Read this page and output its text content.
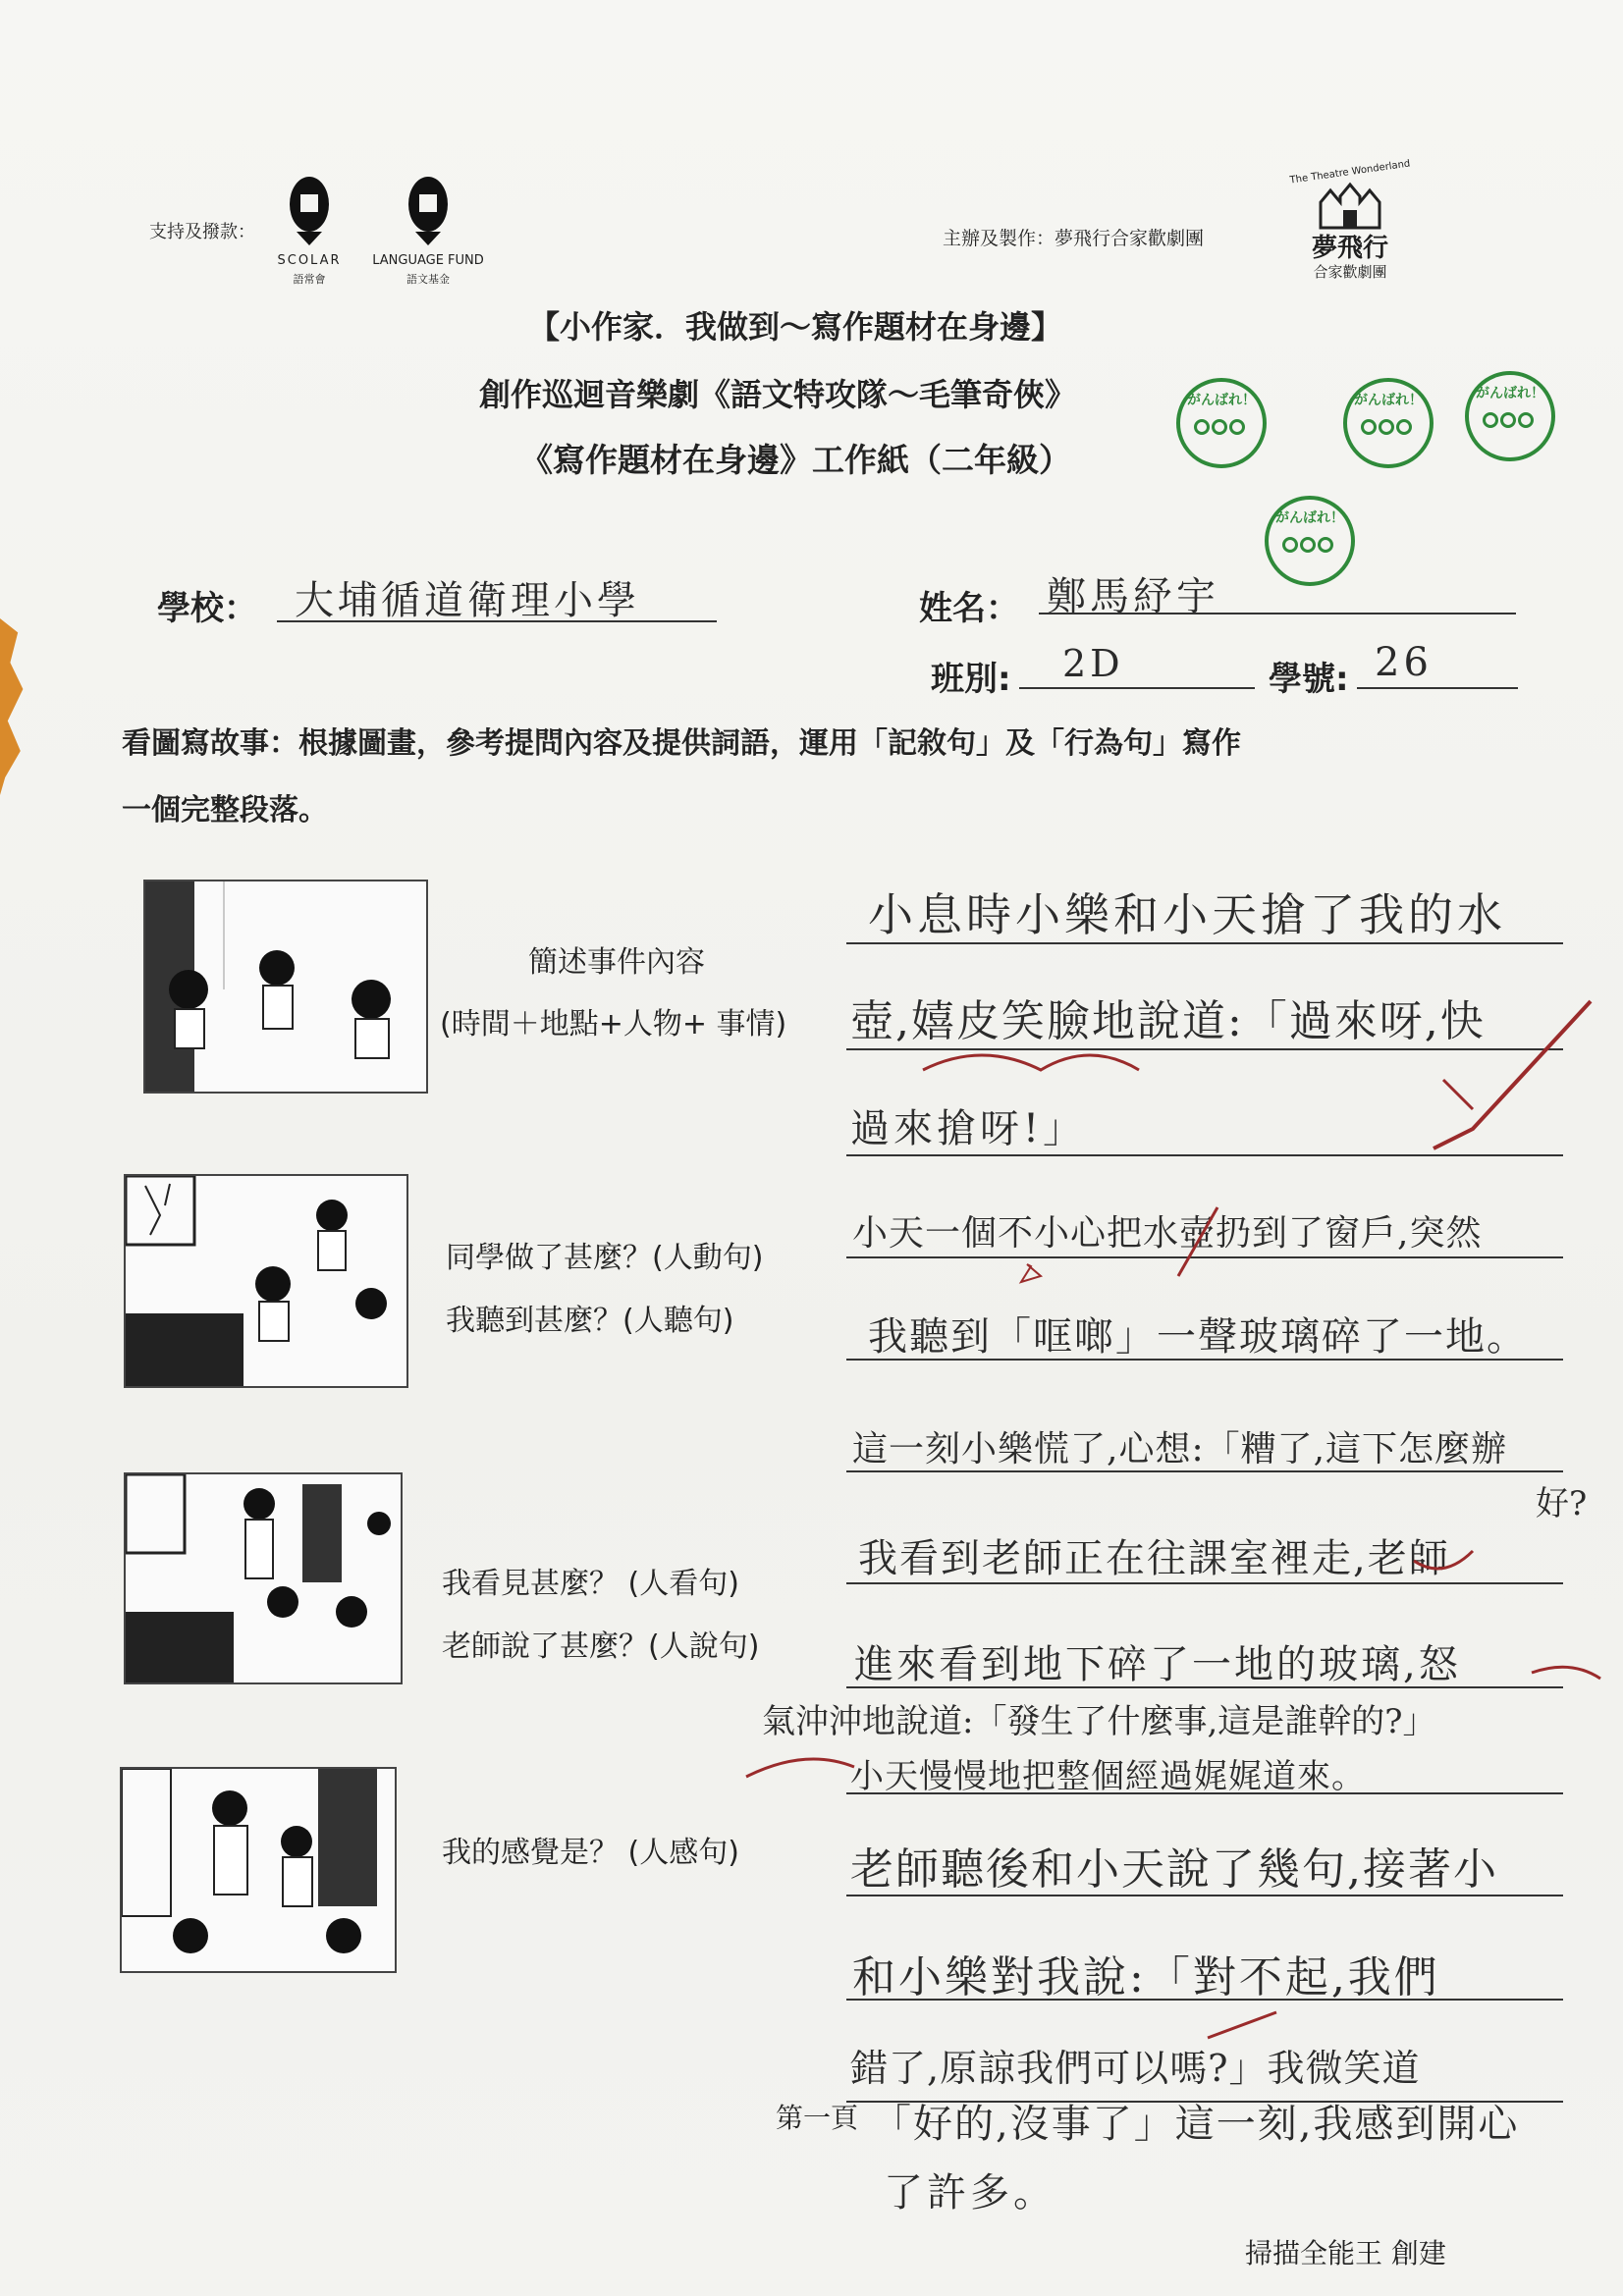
支持及撥款：
SCOLAR
語常會
LANGUAGE FUND
語文基金
主辦及製作：夢飛行合家歡劇團
The Theatre Wonderland
夢飛行
合家歡劇團
【小作家．我做到～寫作題材在身邊】
創作巡迴音樂劇《語文特攻隊～毛筆奇俠》
《寫作題材在身邊》工作紙（二年級）
がんばれ！	がんばれ！	がんばれ！
がんばれ！
學校： 大埔循道衛理小學	姓名： 鄭馬紓宇
班別: 2D	學號: 26
看圖寫故事：根據圖畫，參考提問內容及提供詞語，運用「記敘句」及「行為句」寫作
一個完整段落。
簡述事件內容
(時間＋地點+人物+ 事情)
同學做了甚麼？(人動句)
我聽到甚麼？(人聽句)
我看見甚麼？ (人看句)
老師說了甚麼？(人說句)
我的感覺是？ (人感句)
小息時小樂和小天搶了我的水
壺,嬉皮笑臉地說道:「過來呀,快
過來搶呀!」
小天一個不小心把水壺扔到了窗戶,突然
我聽到「哐啷」一聲玻璃碎了一地。
這一刻小樂慌了,心想:「糟了,這下怎麼辦
好?
我看到老師正在往課室裡走,老師
進來看到地下碎了一地的玻璃,怒
氣沖沖地說道:「發生了什麼事,這是誰幹的?」
小天慢慢地把整個經過娓娓道來。
老師聽後和小天說了幾句,接著小
和小樂對我說:「對不起,我們
錯了,原諒我們可以嗎?」我微笑道
「好的,沒事了」這一刻,我感到開心
了許多。
第一頁
掃描全能王 創建
